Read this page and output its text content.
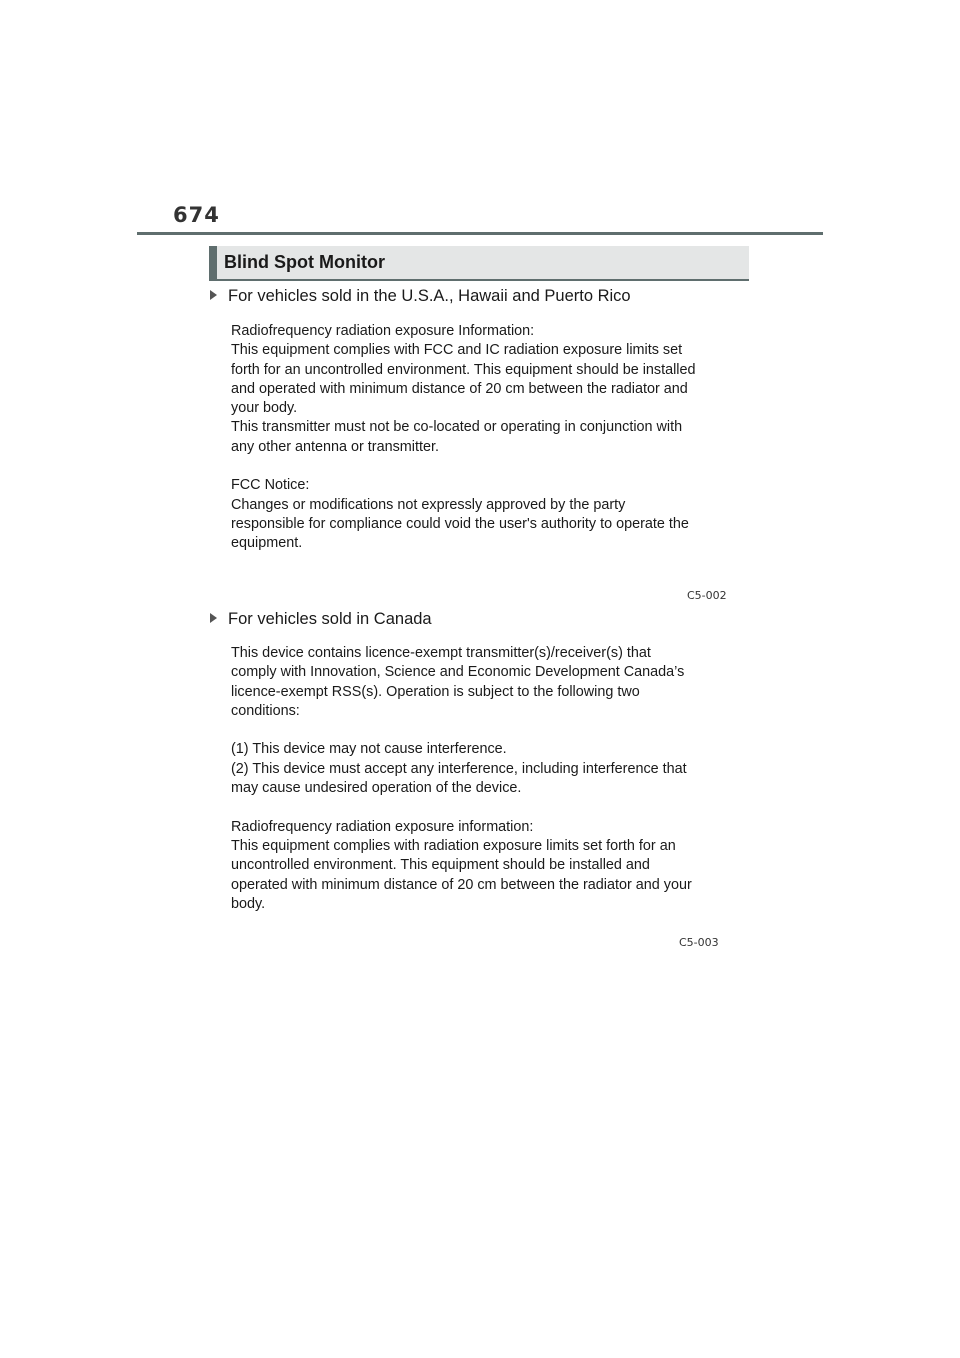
674
Blind Spot Monitor
For vehicles sold in the U.S.A., Hawaii and Puerto Rico

Radiofrequency radiation exposure Information:

This equipment complies with FCC and IC radiation exposure limits set

forth for an uncontrolled environment. This equipment should be installed

and operated with minimum distance of 20 cm between the radiator and

your body.

This transmitter must not be co-located or operating in conjunction with

any other antenna or transmitter.

FCC Notice:

Changes or modifications not expressly approved by the party

responsible for compliance could void the user's authority to operate the

equipment.

C5-002
For vehicles sold in Canada

This device contains licence-exempt transmitter(s)/receiver(s) that

comply with Innovation, Science and Economic Development Canada’s

licence-exempt RSS(s). Operation is subject to the following two

conditions:

(1) This device may not cause interference.

(2) This device must accept any interference, including interference that

may cause undesired operation of the device.

Radiofrequency radiation exposure information:

This equipment complies with radiation exposure limits set forth for an

uncontrolled environment. This equipment should be installed and

operated with minimum distance of 20 cm between the radiator and your

body.

C5-003
